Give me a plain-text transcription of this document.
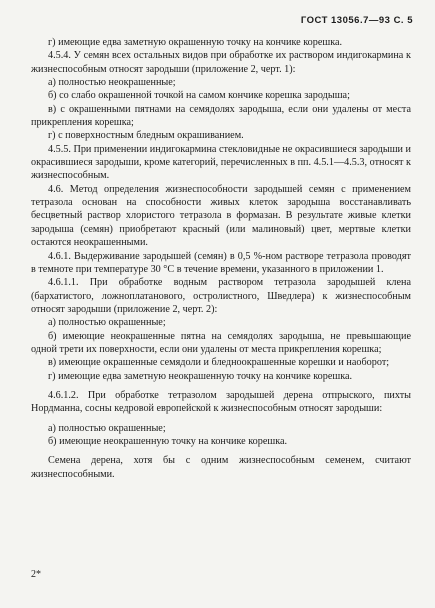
ГОСТ 13056.7—93 С. 5

г) имеющие едва заметную окрашенную точку на кончике корешка.

4.5.4. У семян всех остальных видов при обработке их раствором индигокармина к жизнеспособным относят зародыши (приложение 2, черт. 1):

а) полностью неокрашенные;

б) со слабо окрашенной точкой на самом кончике корешка зародыша;

в) с окрашенными пятнами на семядолях зародыша, если они удалены от места прикрепления корешка;

г) с поверхностным бледным окрашиванием.

4.5.5. При применении индигокармина стекловидные не окрасившиеся зародыши и окрасившиеся зародыши, кроме категорий, перечисленных в пп. 4.5.1—4.5.3, относят к жизнеспособным.

4.6. Метод определения жизнеспособности зародышей семян с применением тетразола основан на способности живых клеток зародыша восстанавливать бесцветный раствор хлористого тетразола в формазан. В результате живые клетки зародыша (семян) приобретают красный (или малиновый) цвет, мертвые клетки остаются неокрашенными.

4.6.1. Выдерживание зародышей (семян) в 0,5 %-ном растворе тетразола проводят в темноте при температуре 30 °С в течение времени, указанного в приложении 1.

4.6.1.1. При обработке водным раствором тетразола зародышей клена (бархатистого, ложноплатанового, остролистного, Шведлера) к жизнеспособным относят зародыши (приложение 2, черт. 2):

а) полностью окрашенные;

б) имеющие неокрашенные пятна на семядолях зародыша, не превышающие одной трети их поверхности, если они удалены от места прикрепления корешка;

в) имеющие окрашенные семядоли и бледноокрашенные корешки и наоборот;

г) имеющие едва заметную неокрашенную точку на кончике корешка.

4.6.1.2. При обработке тетразолом зародышей дерена отпрыского, пихты Нордманна, сосны кедровой европейской к жизнеспособным относят зародыши:

а) полностью окрашенные;

б) имеющие неокрашенную точку на кончике корешка.

Семена дерена, хотя бы с одним жизнеспособным семенем, считают жизнеспособными.

2*
